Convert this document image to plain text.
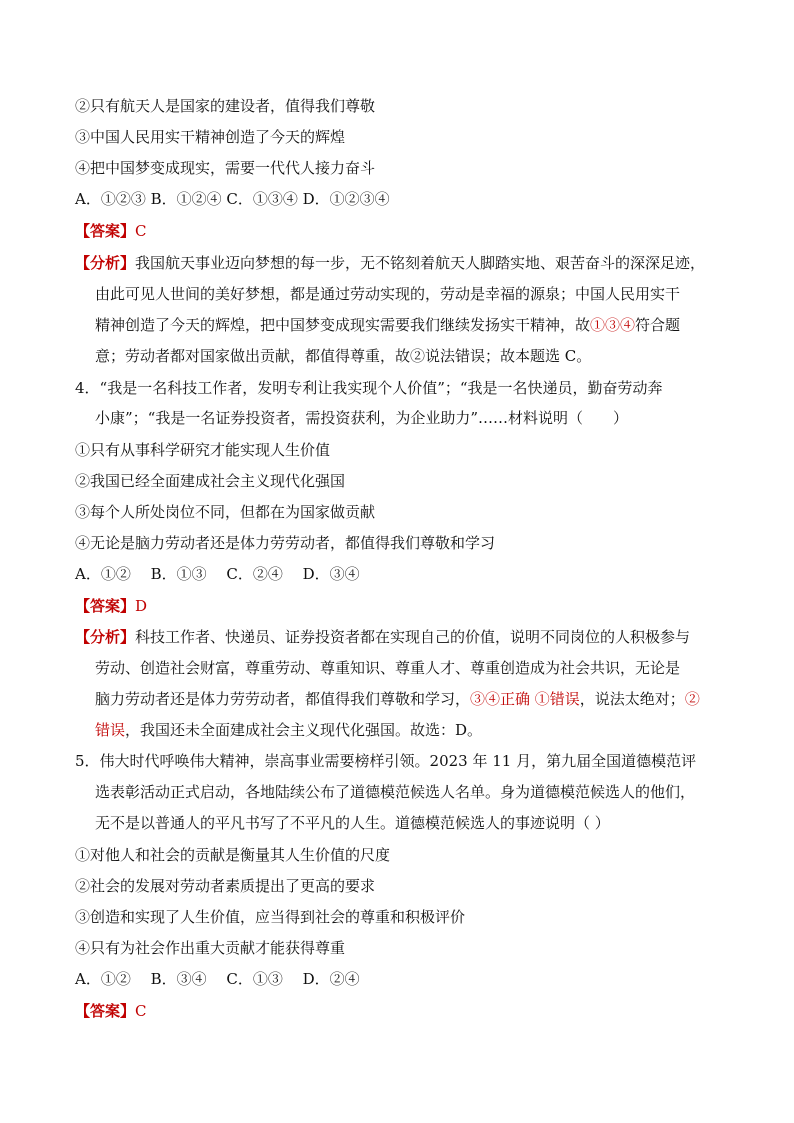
②只有航天人是国家的建设者，值得我们尊敬
③中国人民用实干精神创造了今天的辉煌
④把中国梦变成现实，需要一代代人接力奋斗
A．①②③ B．①②④ C．①③④ D．①②③④
【答案】C
【分析】我国航天事业迈向梦想的每一步，无不铭刻着航天人脚踏实地、艰苦奋斗的深深足迹，
由此可见人世间的美好梦想，都是通过劳动实现的，劳动是幸福的源泉；中国人民用实干
精神创造了今天的辉煌，把中国梦变成现实需要我们继续发扬实干精神，故①③④符合题
意；劳动者都对国家做出贡献，都值得尊重，故②说法错误；故本题选 C。
4．“我是一名科技工作者，发明专利让我实现个人价值”；“我是一名快递员，勤奋劳动奔
小康”；“我是一名证券投资者，需投资获利，为企业助力”……材料说明（　　）
①只有从事科学研究才能实现人生价值
②我国已经全面建成社会主义现代化强国
③每个人所处岗位不同，但都在为国家做贡献
④无论是脑力劳动者还是体力劳劳动者，都值得我们尊敬和学习
A．①②　 B．①③　 C．②④　 D．③④
【答案】D
【分析】科技工作者、快递员、证券投资者都在实现自己的价值，说明不同岗位的人积极参与
劳动、创造社会财富，尊重劳动、尊重知识、尊重人才、尊重创造成为社会共识，无论是
脑力劳动者还是体力劳劳动者，都值得我们尊敬和学习，③④正确 ①错误，说法太绝对；②
错误，我国还未全面建成社会主义现代化强国。故选：D。
5．伟大时代呼唤伟大精神，崇高事业需要榜样引领。2023 年 11 月，第九届全国道德模范评
选表彰活动正式启动，各地陆续公布了道德模范候选人名单。身为道德模范候选人的他们，
无不是以普通人的平凡书写了不平凡的人生。道德模范候选人的事迹说明（ ）
①对他人和社会的贡献是衡量其人生价值的尺度
②社会的发展对劳动者素质提出了更高的要求
③创造和实现了人生价值，应当得到社会的尊重和积极评价
④只有为社会作出重大贡献才能获得尊重
A．①②　 B．③④　 C．①③　 D．②④
【答案】C
